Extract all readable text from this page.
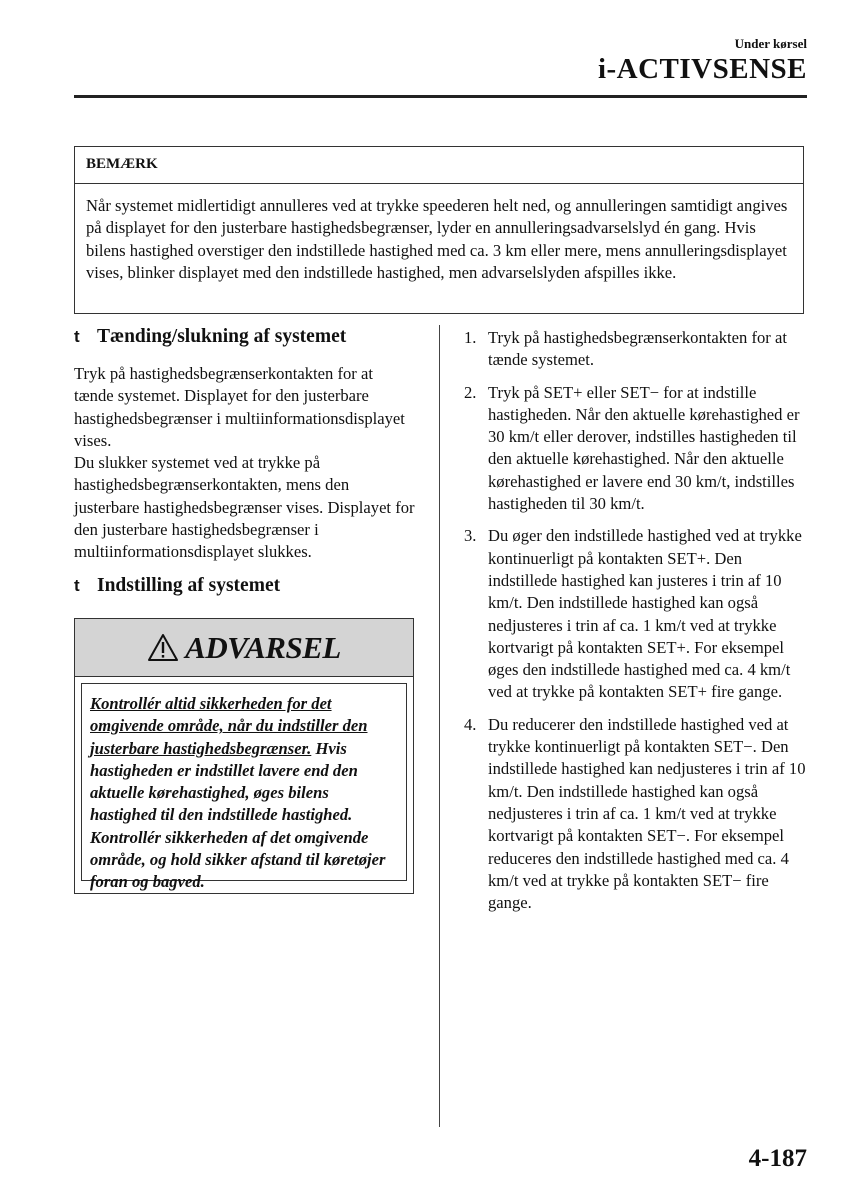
Under kørsel
i-ACTIVSENSE
BEMÆRK
Når systemet midlertidigt annulleres ved at trykke speederen helt ned, og annulleringen samtidigt angives på displayet for den justerbare hastighedsbegrænser, lyder en annulleringsadvarselslyd én gang. Hvis bilens hastighed overstiger den indstillede hastighed med ca. 3 km eller mere, mens annulleringsdisplayet vises, blinker displayet med den indstillede hastighed, men advarselslyden afspilles ikke.
t Tænding/slukning af systemet

Tryk på hastighedsbegrænserkontakten for at tænde systemet. Displayet for den justerbare hastighedsbegrænser i multiinformationsdisplayet vises.

Du slukker systemet ved at trykke på hastighedsbegrænserkontakten, mens den justerbare hastighedsbegrænser vises. Displayet for den justerbare hastighedsbegrænser i multiinformationsdisplayet slukkes.

t Indstilling af systemet
ADVARSEL
Kontrollér altid sikkerheden for det omgivende område, når du indstiller den justerbare hastighedsbegrænser. Hvis hastigheden er indstillet lavere end den aktuelle kørehastighed, øges bilens hastighed til den indstillede hastighed. Kontrollér sikkerheden af det omgivende område, og hold sikker afstand til køretøjer foran og bagved.
1. Tryk på hastighedsbegrænserkontakten for at tænde systemet.
2. Tryk på SET+ eller SET− for at indstille hastigheden. Når den aktuelle kørehastighed er 30 km/t eller derover, indstilles hastigheden til den aktuelle kørehastighed. Når den aktuelle kørehastighed er lavere end 30 km/t, indstilles hastigheden til 30 km/t.
3. Du øger den indstillede hastighed ved at trykke kontinuerligt på kontakten SET+. Den indstillede hastighed kan justeres i trin af 10 km/t. Den indstillede hastighed kan også nedjusteres i trin af ca. 1 km/t ved at trykke kortvarigt på kontakten SET+. For eksempel øges den indstillede hastighed med ca. 4 km/t ved at trykke på kontakten SET+ fire gange.
4. Du reducerer den indstillede hastighed ved at trykke kontinuerligt på kontakten SET−. Den indstillede hastighed kan nedjusteres i trin af 10 km/t. Den indstillede hastighed kan også nedjusteres i trin af ca. 1 km/t ved at trykke kortvarigt på kontakten SET−. For eksempel reduceres den indstillede hastighed med ca. 4 km/t ved at trykke på kontakten SET− fire gange.
4-187
